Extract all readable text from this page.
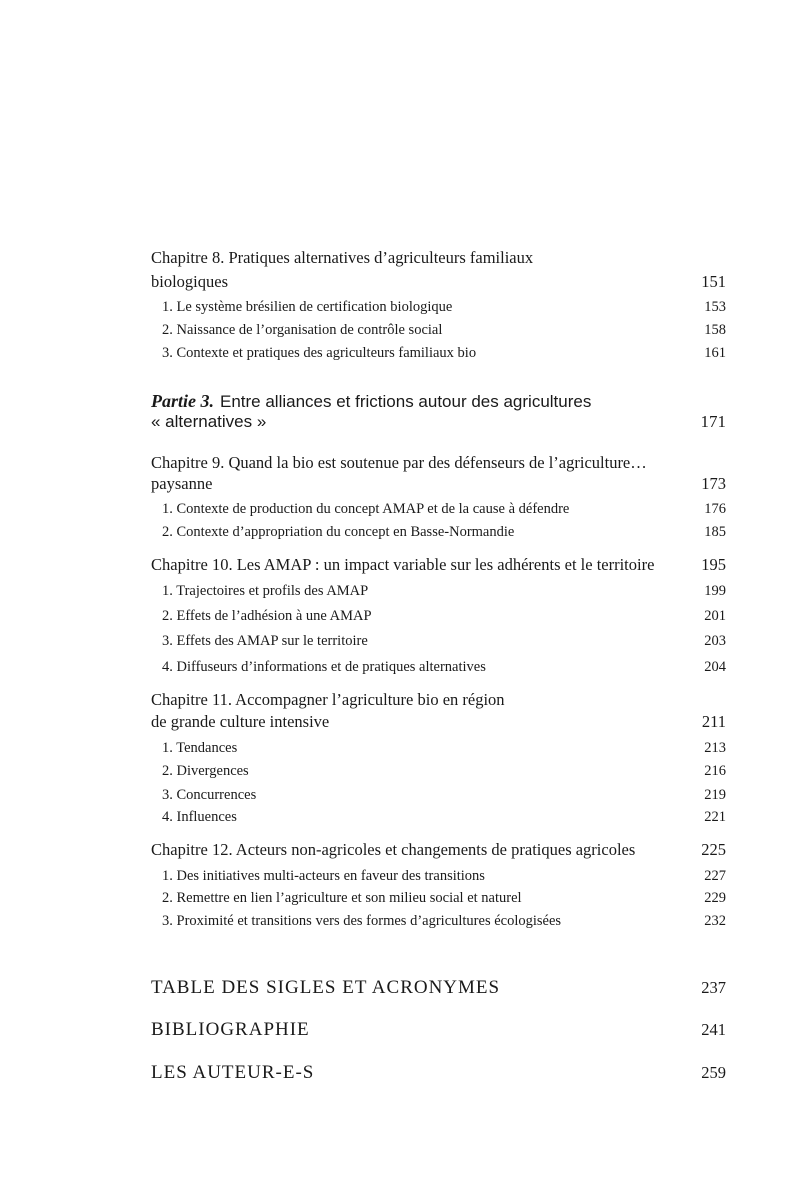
Chapitre 8. Pratiques alternatives d’agriculteurs familiaux
biologiques	151
1. Le système brésilien de certification biologique	153
2. Naissance de l’organisation de contrôle social	158
3. Contexte et pratiques des agriculteurs familiaux bio	161
Partie 3. Entre alliances et frictions autour des agricultures
« alternatives »	171
Chapitre 9. Quand la bio est soutenue par des défenseurs de l’agriculture…
paysanne	173
1. Contexte de production du concept AMAP et de la cause à défendre	176
2. Contexte d’appropriation du concept en Basse-Normandie	185
Chapitre 10. Les AMAP : un impact variable sur les adhérents et le territoire	195
1. Trajectoires et profils des AMAP	199
2. Effets de l’adhésion à une AMAP	201
3. Effets des AMAP sur le territoire	203
4. Diffuseurs d’informations et de pratiques alternatives	204
Chapitre 11. Accompagner l’agriculture bio en région
de grande culture intensive	211
1. Tendances	213
2. Divergences	216
3. Concurrences	219
4. Influences	221
Chapitre 12. Acteurs non-agricoles et changements de pratiques agricoles	225
1. Des initiatives multi-acteurs en faveur des transitions	227
2. Remettre en lien l’agriculture et son milieu social et naturel	229
3. Proximité et transitions vers des formes d’agricultures écologisées	232
TABLE DES SIGLES ET ACRONYMES	237
BIBLIOGRAPHIE	241
LES AUTEUR-E-S	259
